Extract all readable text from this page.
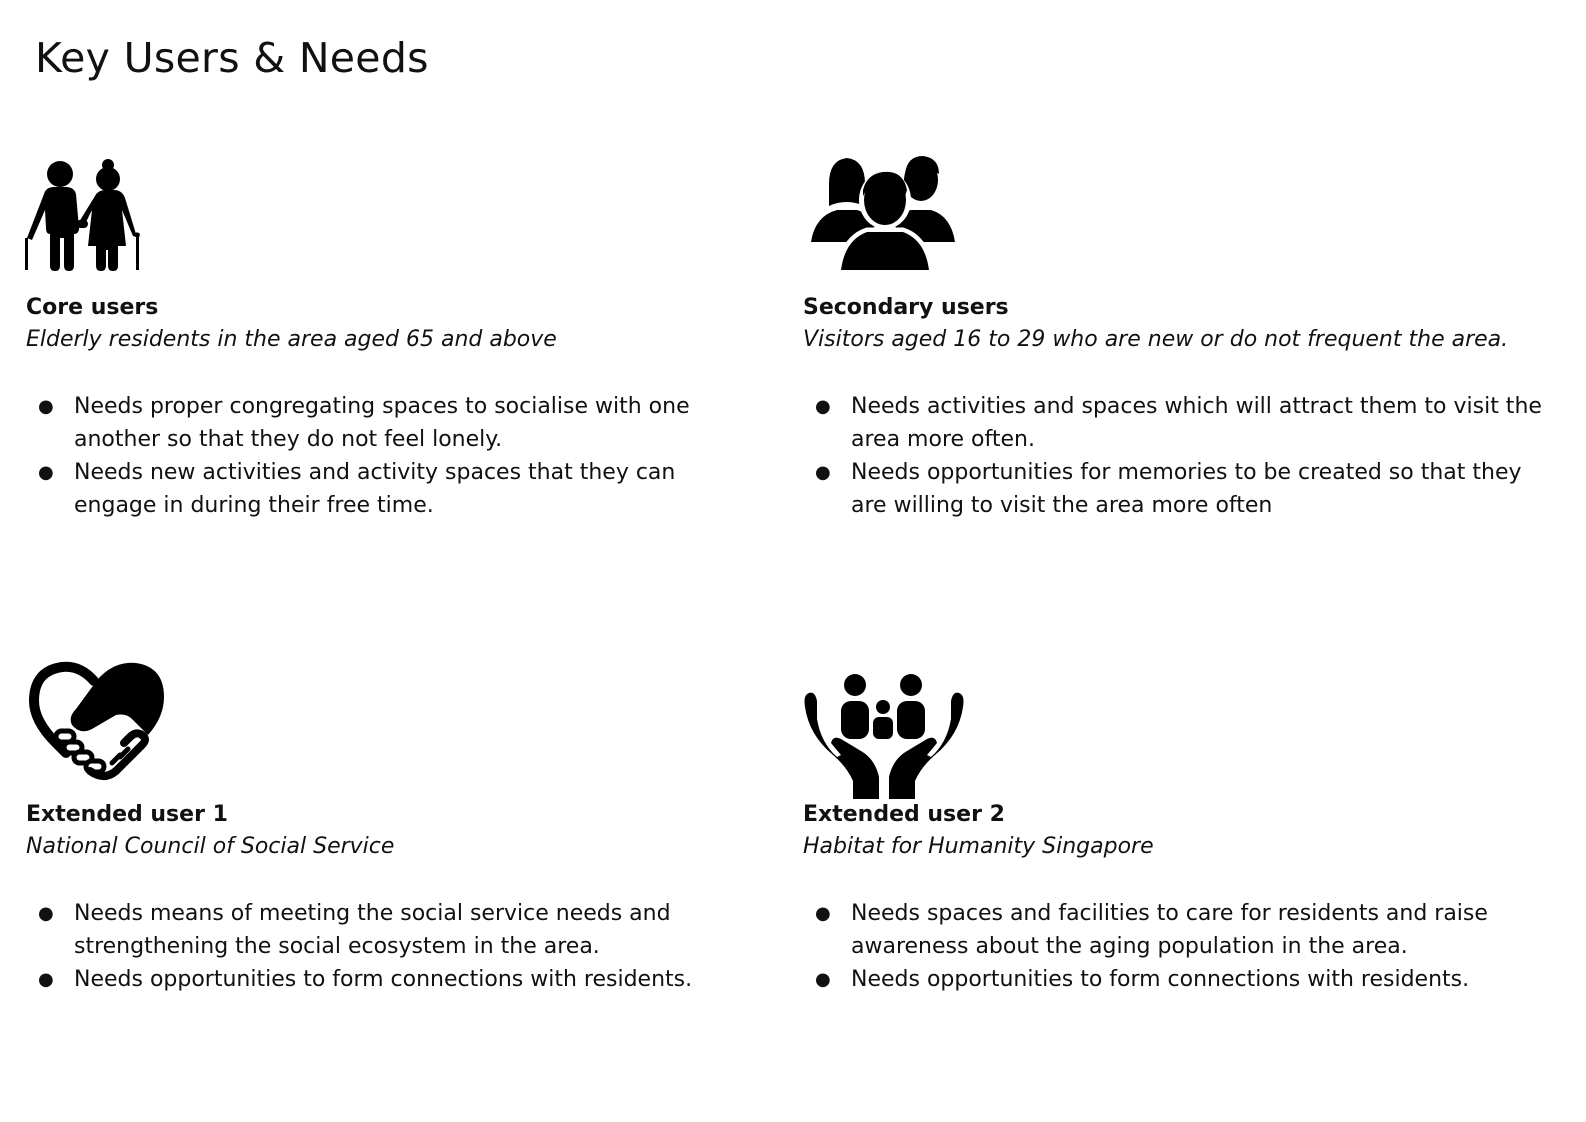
Key Users & Needs

Core users

Elderly residents in the area aged 65 and above

● Needs proper congregating spaces to socialise with one another so that they do not feel lonely.
● Needs new activities and activity spaces that they can engage in during their free time.

Secondary users

Visitors aged 16 to 29 who are new or do not frequent the area.

● Needs activities and spaces which will attract them to visit the area more often.
● Needs opportunities for memories to be created so that they are willing to visit the area more often

Extended user 1

National Council of Social Service

● Needs means of meeting the social service needs and strengthening the social ecosystem in the area.
● Needs opportunities to form connections with residents.

Extended user 2

Habitat for Humanity Singapore

● Needs spaces and facilities to care for residents and raise awareness about the aging population in the area.
● Needs opportunities to form connections with residents.
